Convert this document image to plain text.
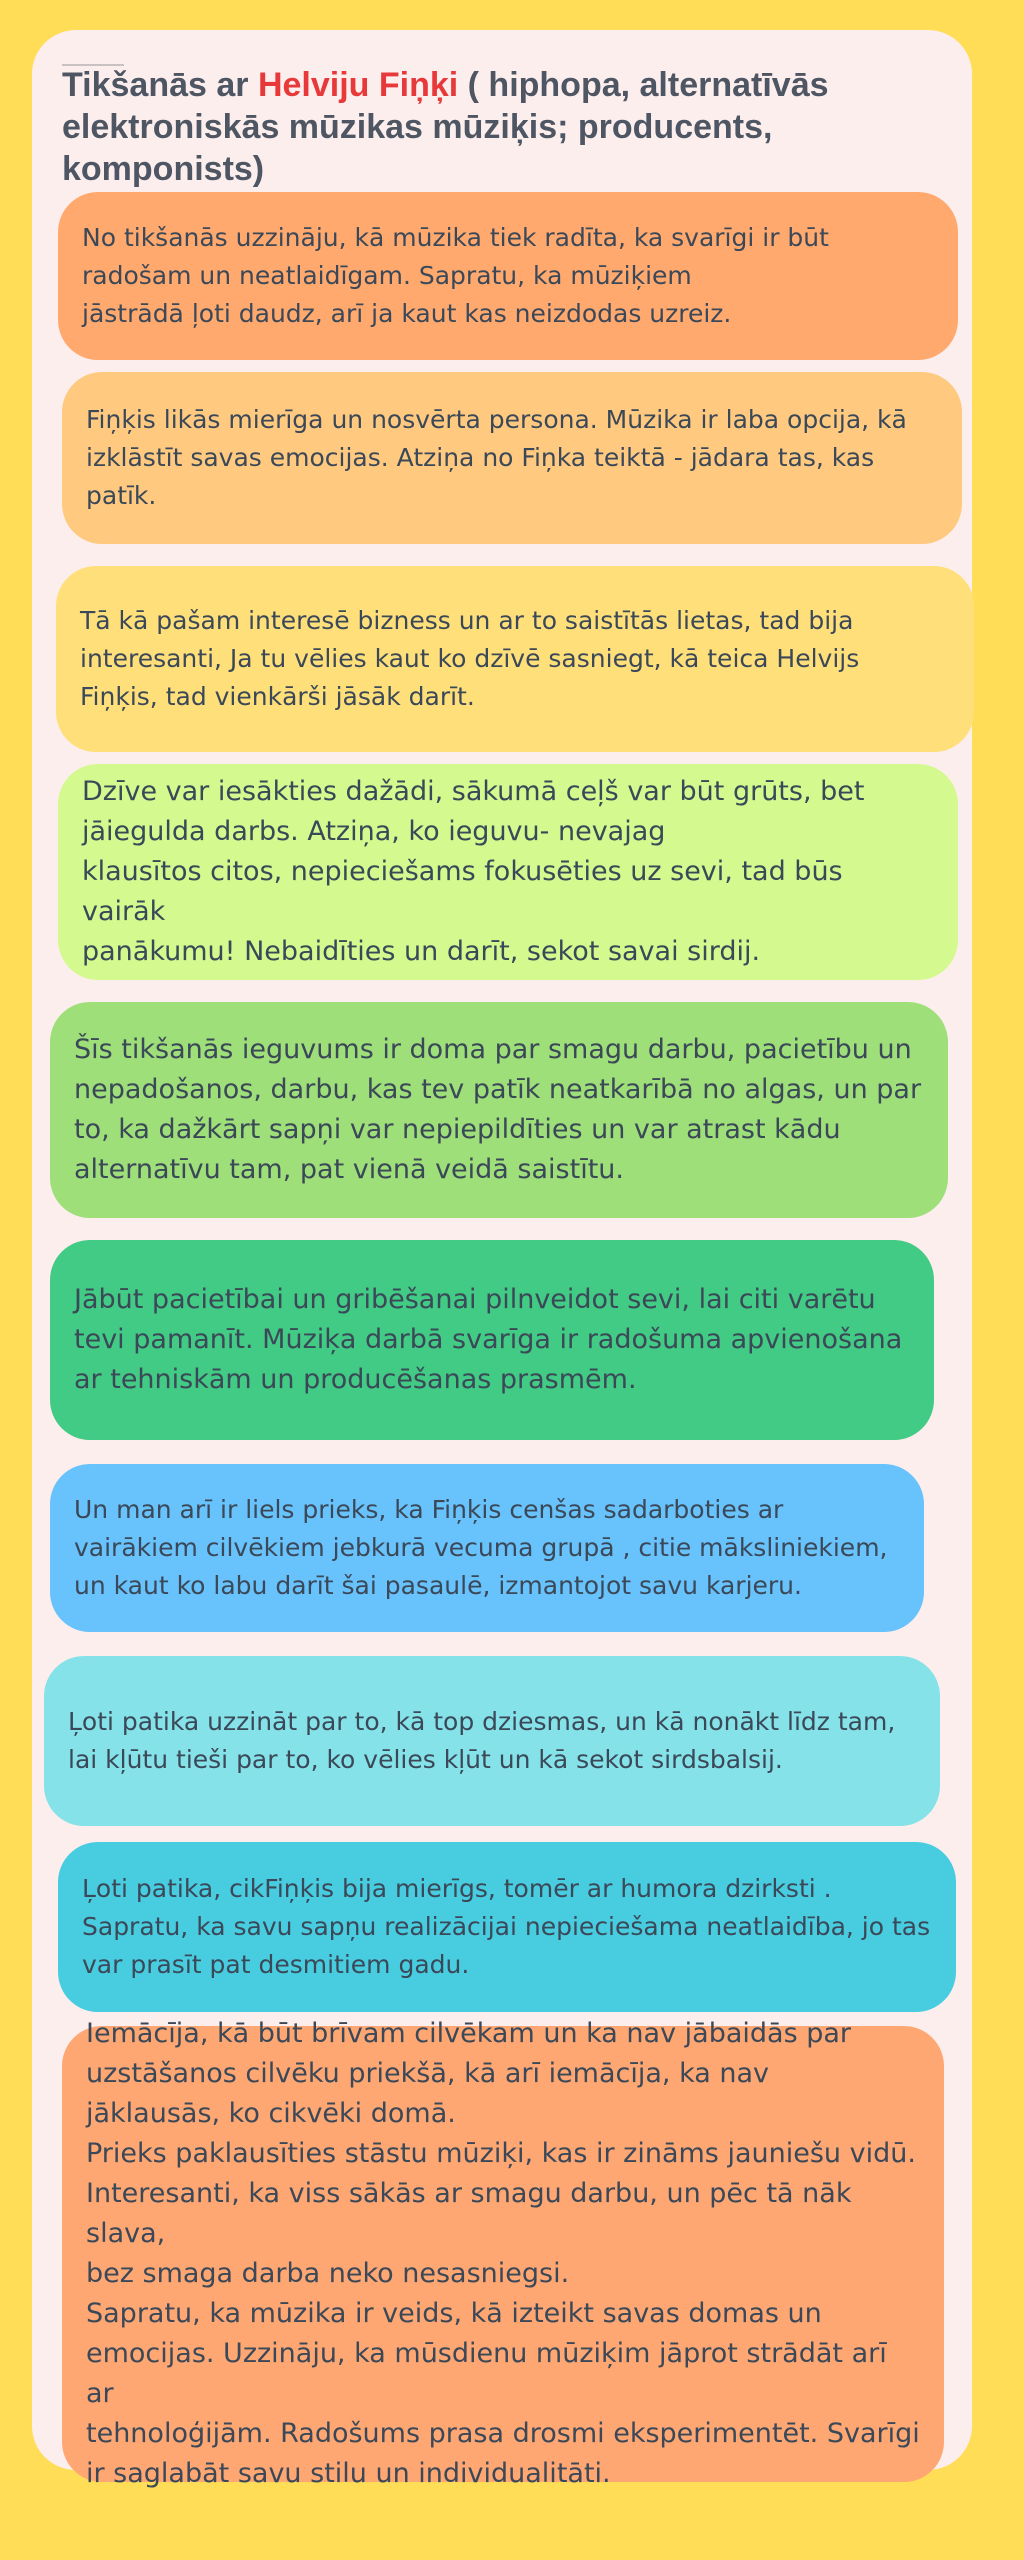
Tikšanās ar Helviju Fiņķi ( hiphopa, alternatīvās elektroniskās mūzikas mūziķis; producents, komponists)

No tikšanās uzzināju, kā mūzika tiek radīta, ka svarīgi ir būt
radošam un neatlaidīgam. Sapratu, ka mūziķiem
jāstrādā ļoti daudz, arī ja kaut kas neizdodas uzreiz.

Fiņķis likās mierīga un nosvērta persona. Mūzika ir laba opcija, kā
izklāstīt savas emocijas. Atziņa no Fiņka teiktā - jādara tas, kas
patīk.

Tā kā pašam interesē bizness un ar to saistītās lietas, tad bija
interesanti, Ja tu vēlies kaut ko dzīvē sasniegt, kā teica Helvijs
Fiņķis, tad vienkārši jāsāk darīt.

Dzīve var iesākties dažādi, sākumā ceļš var būt grūts, bet
jāiegulda darbs. Atziņa, ko ieguvu- nevajag
klausītos citos, nepieciešams fokusēties uz sevi, tad būs vairāk
panākumu! Nebaidīties un darīt, sekot savai sirdij.

Šīs tikšanās ieguvums ir doma par smagu darbu, pacietību un
nepadošanos, darbu, kas tev patīk neatkarībā no algas, un par
to, ka dažkārt sapņi var nepiepildīties un var atrast kādu
alternatīvu tam, pat vienā veidā saistītu.

Jābūt pacietībai un gribēšanai pilnveidot sevi, lai citi varētu
tevi pamanīt. Mūziķa darbā svarīga ir radošuma apvienošana
ar tehniskām un producēšanas prasmēm.

Un man arī ir liels prieks, ka Fiņķis cenšas sadarboties ar
vairākiem cilvēkiem jebkurā vecuma grupā , citie māksliniekiem,
un kaut ko labu darīt šai pasaulē, izmantojot savu karjeru.

Ļoti patika uzzināt par to, kā top dziesmas, un kā nonākt līdz tam,
lai kļūtu tieši par to, ko vēlies kļūt un kā sekot sirdsbalsij.

Ļoti patika, cikFiņķis bija mierīgs, tomēr ar humora dzirksti .
Sapratu, ka savu sapņu realizācijai nepieciešama neatlaidība, jo tas
var prasīt pat desmitiem gadu.

Iemācīja, kā būt brīvam cilvēkam un ka nav jābaidās par
uzstāšanos cilvēku priekšā, kā arī iemācīja, ka nav
jāklausās, ko cikvēki domā.
Prieks paklausīties stāstu mūziķi, kas ir zināms jauniešu vidū.
Interesanti, ka viss sākās ar smagu darbu, un pēc tā nāk slava,
bez smaga darba neko nesasniegsi.
Sapratu, ka mūzika ir veids, kā izteikt savas domas un
emocijas. Uzzināju, ka mūsdienu mūziķim jāprot strādāt arī ar
tehnoloģijām. Radošums prasa drosmi eksperimentēt. Svarīgi
ir saglabāt savu stilu un individualitāti.
